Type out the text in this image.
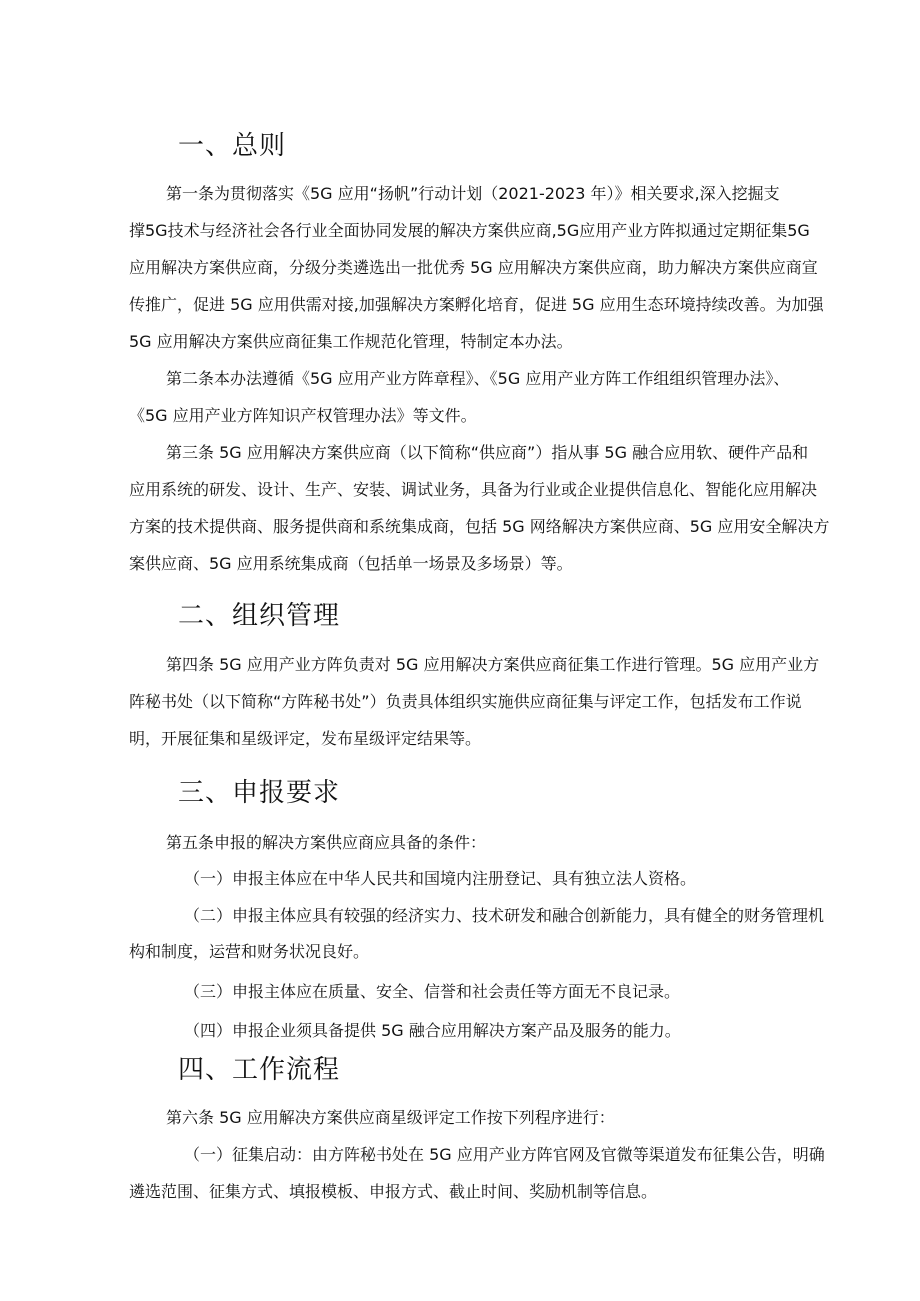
一、总则

第一条为贯彻落实《5G 应用“扬帆”行动计划（2021-2023 年）》相关要求,深入挖掘支

撑5G技术与经济社会各行业全面协同发展的解决方案供应商,5G应用产业方阵拟通过定期征集5G

应用解决方案供应商，分级分类遴选出一批优秀 5G 应用解决方案供应商，助力解决方案供应商宣

传推广，促进 5G 应用供需对接,加强解决方案孵化培育，促进 5G 应用生态环境持续改善。为加强

5G 应用解决方案供应商征集工作规范化管理，特制定本办法。

第二条本办法遵循《5G 应用产业方阵章程》、《5G 应用产业方阵工作组组织管理办法》、

《5G 应用产业方阵知识产权管理办法》等文件。

第三条 5G 应用解决方案供应商（以下简称“供应商”）指从事 5G 融合应用软、硬件产品和

应用系统的研发、设计、生产、安装、调试业务，具备为行业或企业提供信息化、智能化应用解决

方案的技术提供商、服务提供商和系统集成商，包括 5G 网络解决方案供应商、5G 应用安全解决方

案供应商、5G 应用系统集成商（包括单一场景及多场景）等。

二、组织管理

第四条 5G 应用产业方阵负责对 5G 应用解决方案供应商征集工作进行管理。5G 应用产业方

阵秘书处（以下简称“方阵秘书处”）负责具体组织实施供应商征集与评定工作，包括发布工作说

明，开展征集和星级评定，发布星级评定结果等。

三、申报要求

第五条申报的解决方案供应商应具备的条件：

（一）申报主体应在中华人民共和国境内注册登记、具有独立法人资格。

（二）申报主体应具有较强的经济实力、技术研发和融合创新能力，具有健全的财务管理机

构和制度，运营和财务状况良好。

（三）申报主体应在质量、安全、信誉和社会责任等方面无不良记录。

（四）申报企业须具备提供 5G 融合应用解决方案产品及服务的能力。

四、工作流程

第六条 5G 应用解决方案供应商星级评定工作按下列程序进行：

（一）征集启动：由方阵秘书处在 5G 应用产业方阵官网及官微等渠道发布征集公告，明确

遴选范围、征集方式、填报模板、申报方式、截止时间、奖励机制等信息。
